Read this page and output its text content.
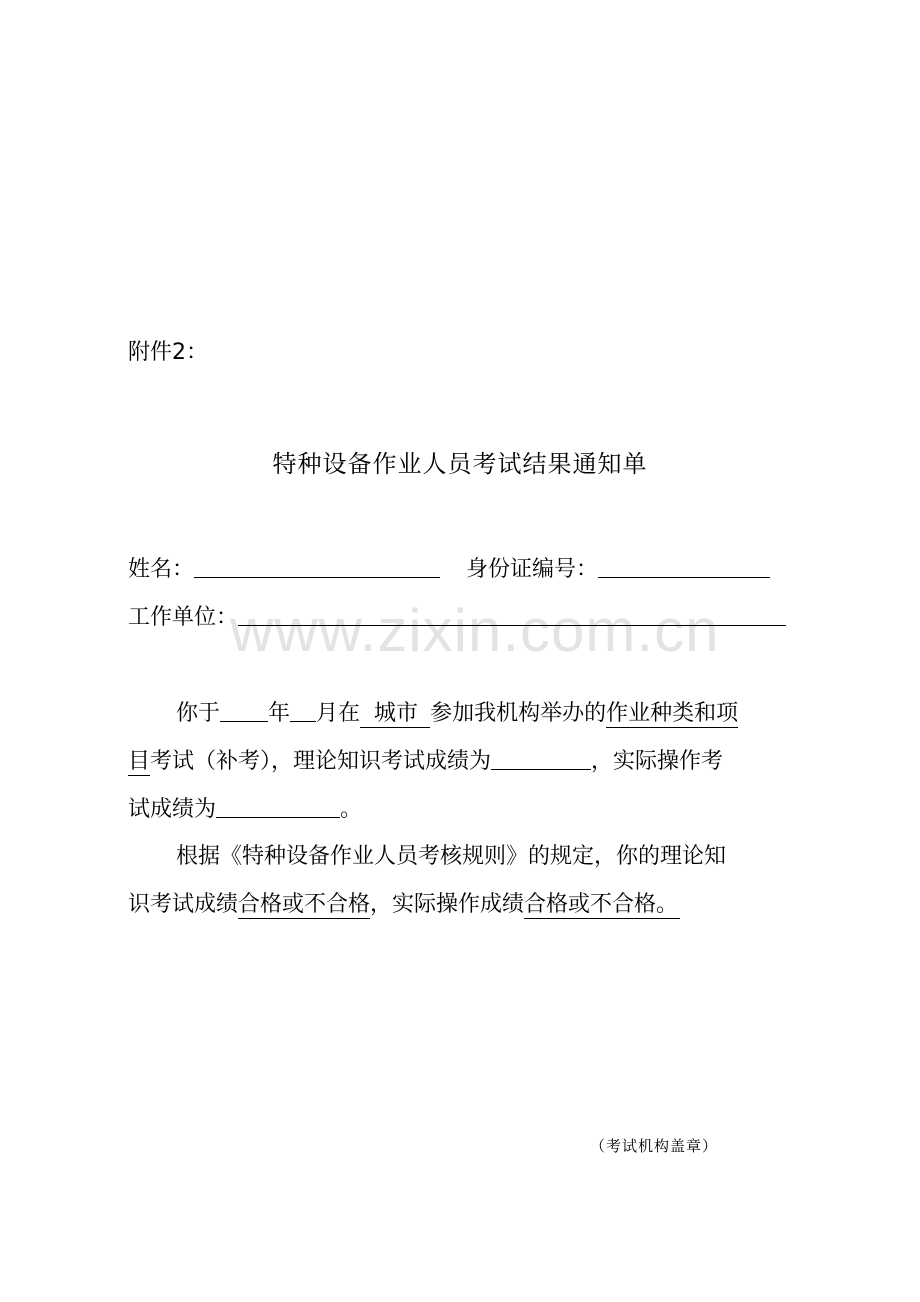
www.zixin.com.cn
附件2：
特种设备作业人员考试结果通知单
姓名：	身份证编号：
工作单位：
你于 年 月在 城市 参加我机构举办的作业种类和项
目考试（补考），理论知识考试成绩为	，实际操作考
试成绩为	。
根据《特种设备作业人员考核规则》的规定，你的理论知
识考试成绩合格或不合格，实际操作成绩合格或不合格。
（考试机构盖章）
